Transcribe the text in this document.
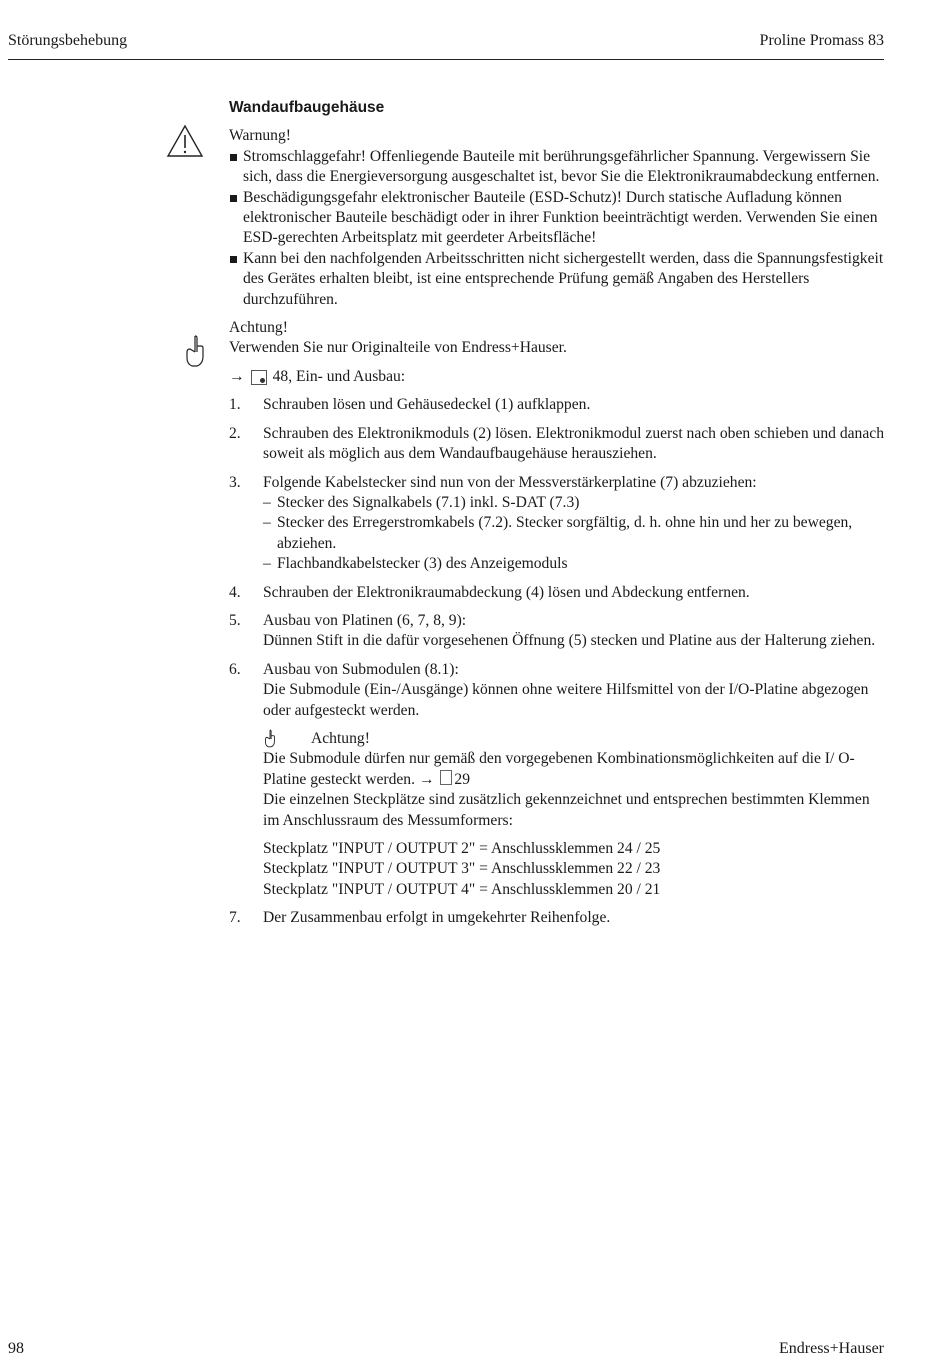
Störungsbehebung	Proline Promass 83
Wandaufbaugehäuse

Warnung!

Stromschlaggefahr! Offenliegende Bauteile mit berührungsgefährlicher Spannung. Vergewissern Sie sich, dass die Energieversorgung ausgeschaltet ist, bevor Sie die Elektronikraumabdeckung entfernen.
Beschädigungsgefahr elektronischer Bauteile (ESD-Schutz)! Durch statische Aufladung können elektronischer Bauteile beschädigt oder in ihrer Funktion beeinträchtigt werden. Verwenden Sie einen ESD-gerechten Arbeitsplatz mit geerdeter Arbeitsfläche!
Kann bei den nachfolgenden Arbeitsschritten nicht sichergestellt werden, dass die Spannungsfestigkeit des Gerätes erhalten bleibt, ist eine entsprechende Prüfung gemäß Angaben des Herstellers durchzuführen.

Achtung!

Verwenden Sie nur Originalteile von Endress+Hauser.

→ 48, Ein- und Ausbau:
1. Schrauben lösen und Gehäusedeckel (1) aufklappen.
2. Schrauben des Elektronikmoduls (2) lösen. Elektronikmodul zuerst nach oben schieben und danach soweit als möglich aus dem Wandaufbaugehäuse herausziehen.
3. Folgende Kabelstecker sind nun von der Messverstärkerplatine (7) abzuziehen:
– Stecker des Signalkabels (7.1) inkl. S-DAT (7.3)
– Stecker des Erregerstromkabels (7.2). Stecker sorgfältig, d. h. ohne hin und her zu bewegen, abziehen.
– Flachbandkabelstecker (3) des Anzeigemoduls
4. Schrauben der Elektronikraumabdeckung (4) lösen und Abdeckung entfernen.
5. Ausbau von Platinen (6, 7, 8, 9):
Dünnen Stift in die dafür vorgesehenen Öffnung (5) stecken und Platine aus der Halterung ziehen.
6. Ausbau von Submodulen (8.1):
Die Submodule (Ein-/Ausgänge) können ohne weitere Hilfsmittel von der I/O-Platine abgezogen oder aufgesteckt werden.
Achtung!
Die Submodule dürfen nur gemäß den vorgegebenen Kombinationsmöglichkeiten auf die I/ O-Platine gesteckt werden. → 29
Die einzelnen Steckplätze sind zusätzlich gekennzeichnet und entsprechen bestimmten Klemmen im Anschlussraum des Messumformers:
Steckplatz "INPUT / OUTPUT 2" = Anschlussklemmen 24 / 25
Steckplatz "INPUT / OUTPUT 3" = Anschlussklemmen 22 / 23
Steckplatz "INPUT / OUTPUT 4" = Anschlussklemmen 20 / 21
7. Der Zusammenbau erfolgt in umgekehrter Reihenfolge.
98	Endress+Hauser
